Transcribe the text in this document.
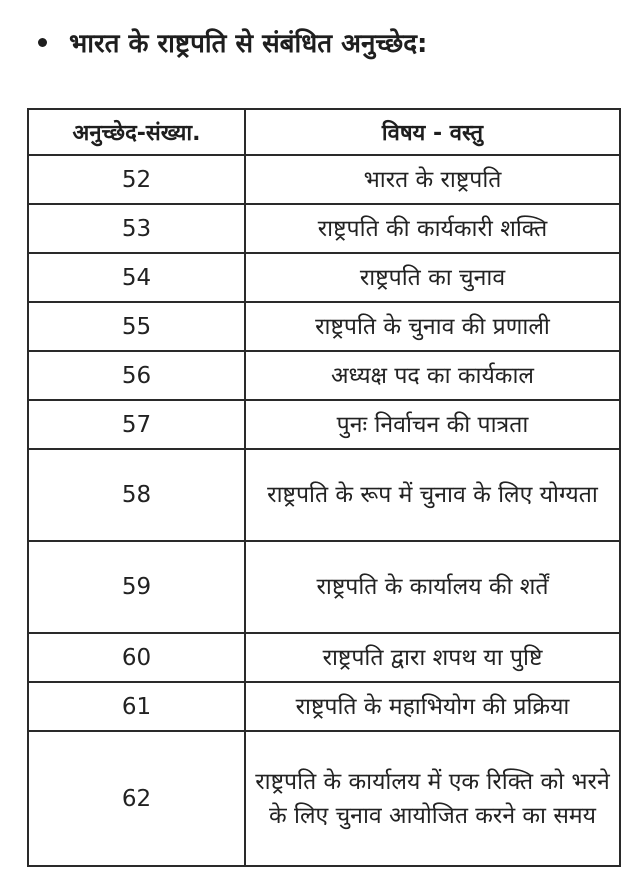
भारत के राष्ट्रपति से संबंधित अनुच्छेद:
अनुच्छेद-संख्या.	विषय - वस्तु
52	भारत के राष्ट्रपति
53	राष्ट्रपति की कार्यकारी शक्ति
54	राष्ट्रपति का चुनाव
55	राष्ट्रपति के चुनाव की प्रणाली
56	अध्यक्ष पद का कार्यकाल
57	पुनः निर्वाचन की पात्रता
58	राष्ट्रपति के रूप में चुनाव के लिए योग्यता
59	राष्ट्रपति के कार्यालय की शर्तें
60	राष्ट्रपति द्वारा शपथ या पुष्टि
61	राष्ट्रपति के महाभियोग की प्रक्रिया
62	राष्ट्रपति के कार्यालय में एक रिक्ति को भरने के लिए चुनाव आयोजित करने का समय
